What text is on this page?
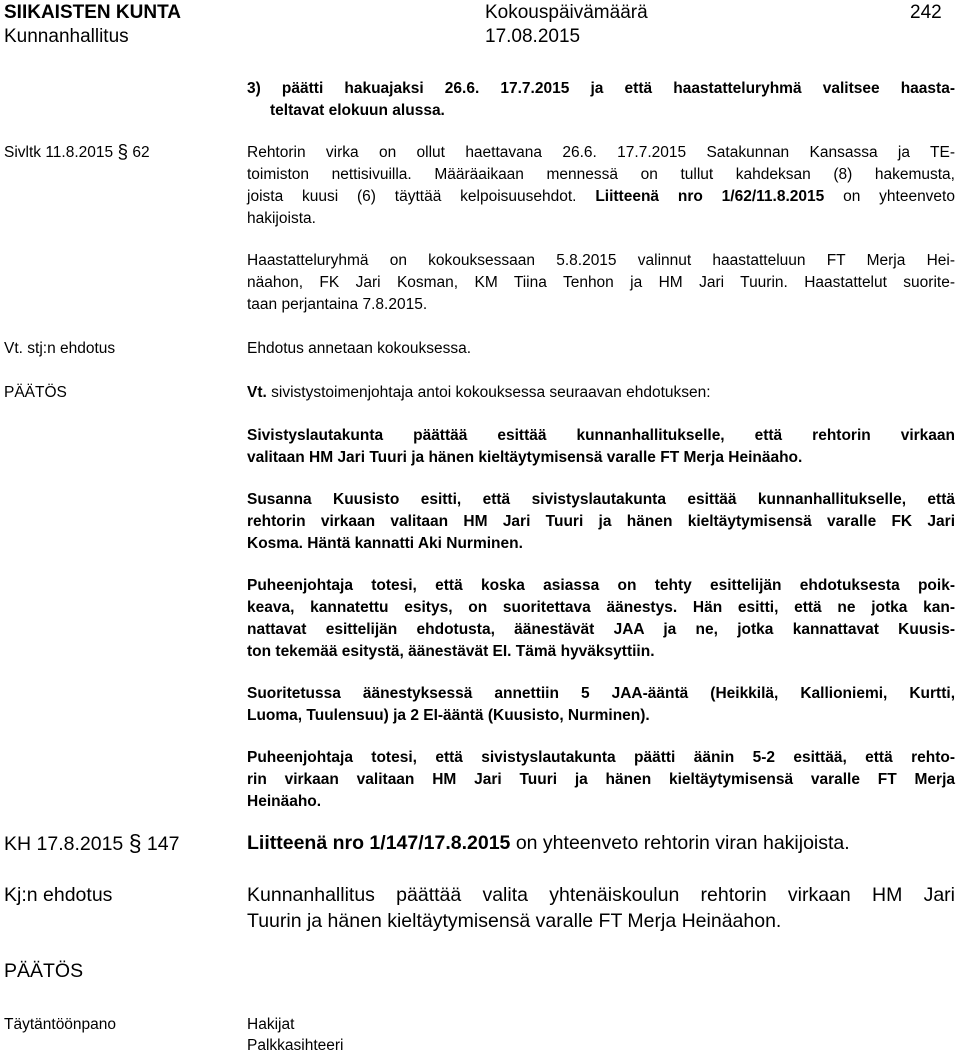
SIIKAISTEN KUNTA
Kunnanhallitus
Kokouspäivämäärä
17.08.2015
242
3) päätti hakuajaksi 26.6. 17.7.2015 ja että haastatteluryhmä valitsee haasta-
teltavat elokuun alussa.
Sivltk 11.8.2015 § 62	Rehtorin virka on ollut haettavana 26.6. 17.7.2015 Satakunnan Kansassa ja TE-
toimiston nettisivuilla. Määräaikaan mennessä on tullut kahdeksan (8) hakemusta,
joista kuusi (6) täyttää kelpoisuusehdot. Liitteenä nro 1/62/11.8.2015 on yhteenveto
hakijoista.
Haastatteluryhmä on kokouksessaan 5.8.2015 valinnut haastatteluun FT Merja Hei-
näahon, FK Jari Kosman, KM Tiina Tenhon ja HM Jari Tuurin. Haastattelut suorite-
taan perjantaina 7.8.2015.
Vt. stj:n ehdotus	Ehdotus annetaan kokouksessa.
PÄÄTÖS	Vt. sivistystoimenjohtaja antoi kokouksessa seuraavan ehdotuksen:
Sivistyslautakunta päättää esittää kunnanhallitukselle, että rehtorin virkaan
valitaan HM Jari Tuuri ja hänen kieltäytymisensä varalle FT Merja Heinäaho.
Susanna Kuusisto esitti, että sivistyslautakunta esittää kunnanhallitukselle, että
rehtorin virkaan valitaan HM Jari Tuuri ja hänen kieltäytymisensä varalle FK Jari
Kosma. Häntä kannatti Aki Nurminen.
Puheenjohtaja totesi, että koska asiassa on tehty esittelijän ehdotuksesta poik-
keava, kannatettu esitys, on suoritettava äänestys. Hän esitti, että ne jotka kan-
nattavat esittelijän ehdotusta, äänestävät JAA ja ne, jotka kannattavat Kuusis-
ton tekemää esitystä, äänestävät EI. Tämä hyväksyttiin.
Suoritetussa äänestyksessä annettiin 5 JAA-ääntä (Heikkilä, Kallioniemi, Kurtti,
Luoma, Tuulensuu) ja 2 EI-ääntä (Kuusisto, Nurminen).
Puheenjohtaja totesi, että sivistyslautakunta päätti äänin 5-2 esittää, että rehto-
rin virkaan valitaan HM Jari Tuuri ja hänen kieltäytymisensä varalle FT Merja
Heinäaho.
KH 17.8.2015 § 147	Liitteenä nro 1/147/17.8.2015 on yhteenveto rehtorin viran hakijoista.
Kj:n ehdotus	Kunnanhallitus päättää valita yhtenäiskoulun rehtorin virkaan HM Jari
Tuurin ja hänen kieltäytymisensä varalle FT Merja Heinäahon.
PÄÄTÖS
Täytäntöönpano	Hakijat
Palkkasihteeri
